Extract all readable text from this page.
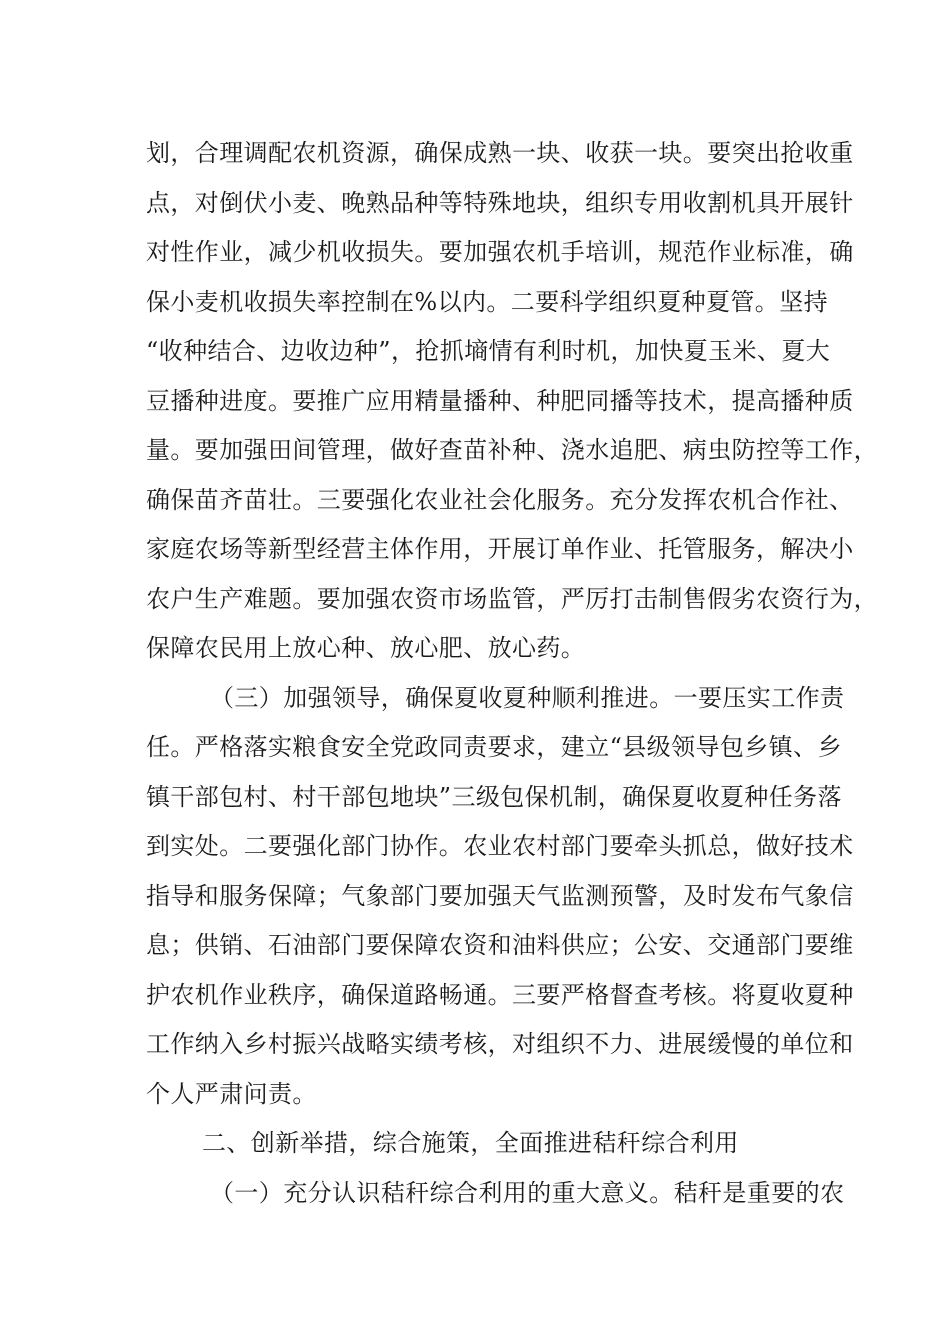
划，合理调配农机资源，确保成熟一块、收获一块。要突出抢收重
点，对倒伏小麦、晚熟品种等特殊地块，组织专用收割机具开展针
对性作业，减少机收损失。要加强农机手培训，规范作业标准，确
保小麦机收损失率控制在%以内。二要科学组织夏种夏管。坚持
“收种结合、边收边种”，抢抓墒情有利时机，加快夏玉米、夏大
豆播种进度。要推广应用精量播种、种肥同播等技术，提高播种质
量。要加强田间管理，做好查苗补种、浇水追肥、病虫防控等工作，
确保苗齐苗壮。三要强化农业社会化服务。充分发挥农机合作社、
家庭农场等新型经营主体作用，开展订单作业、托管服务，解决小
农户生产难题。要加强农资市场监管，严厉打击制售假劣农资行为，
保障农民用上放心种、放心肥、放心药。
（三）加强领导，确保夏收夏种顺利推进。一要压实工作责
任。严格落实粮食安全党政同责要求，建立“县级领导包乡镇、乡
镇干部包村、村干部包地块”三级包保机制，确保夏收夏种任务落
到实处。二要强化部门协作。农业农村部门要牵头抓总，做好技术
指导和服务保障；气象部门要加强天气监测预警，及时发布气象信
息；供销、石油部门要保障农资和油料供应；公安、交通部门要维
护农机作业秩序，确保道路畅通。三要严格督查考核。将夏收夏种
工作纳入乡村振兴战略实绩考核，对组织不力、进展缓慢的单位和
个人严肃问责。
二、创新举措，综合施策，全面推进秸秆综合利用
（一）充分认识秸秆综合利用的重大意义。秸秆是重要的农
